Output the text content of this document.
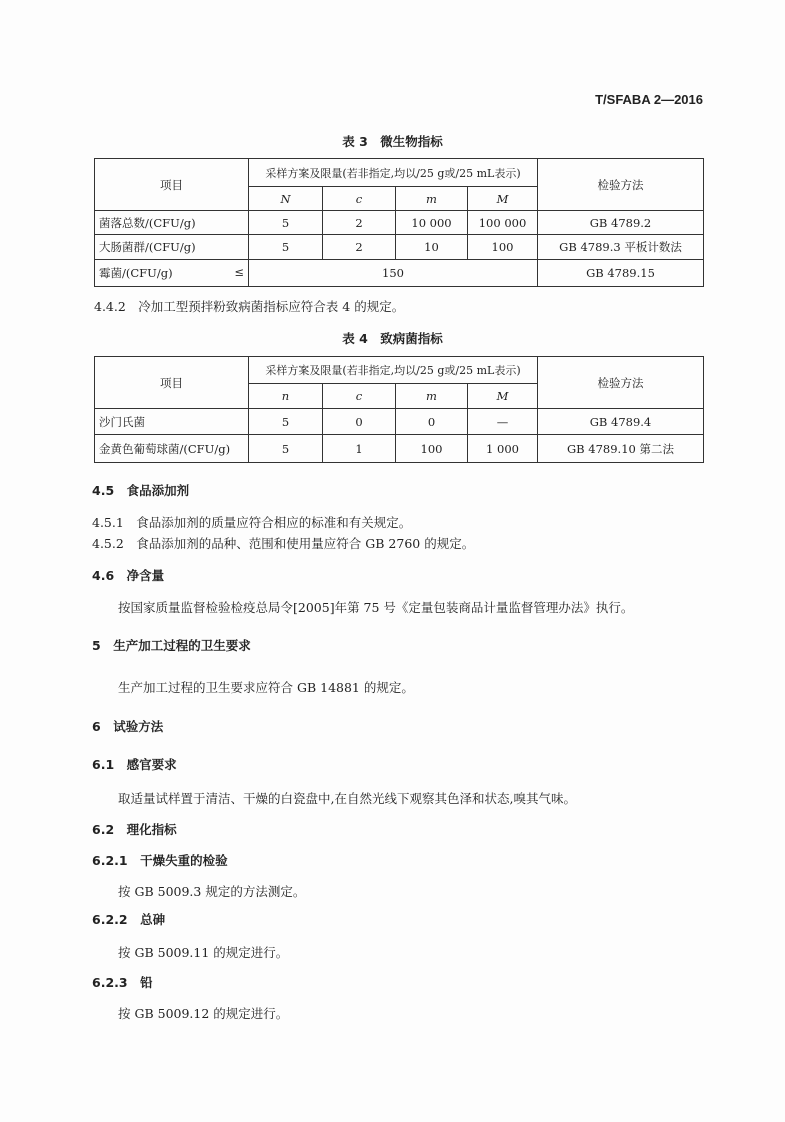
T/SFABA 2—2016
表 3　微生物指标
项目	采样方案及限量(若非指定,均以/25 g或/25 mL表示)				检验方法
	N	c	m	M	
菌落总数/(CFU/g)	5	2	10 000	100 000	GB 4789.2
大肠菌群/(CFU/g)	5	2	10	100	GB 4789.3 平板计数法
霉菌/(CFU/g) ≤	150				GB 4789.15
4.4.2　冷加工型预拌粉致病菌指标应符合表 4 的规定。
表 4　致病菌指标
项目	采样方案及限量(若非指定,均以/25 g或/25 mL表示)				检验方法
	n	c	m	M	
沙门氏菌	5	0	0	—	GB 4789.4
金黄色葡萄球菌/(CFU/g)	5	1	100	1 000	GB 4789.10 第二法
4.5　食品添加剂
4.5.1　食品添加剂的质量应符合相应的标准和有关规定。
4.5.2　食品添加剂的品种、范围和使用量应符合 GB 2760 的规定。
4.6　净含量
按国家质量监督检验检疫总局令[2005]年第 75 号《定量包装商品计量监督管理办法》执行。
5　生产加工过程的卫生要求
生产加工过程的卫生要求应符合 GB 14881 的规定。
6　试验方法
6.1　感官要求
取适量试样置于清洁、干燥的白瓷盘中,在自然光线下观察其色泽和状态,嗅其气味。
6.2　理化指标
6.2.1　干燥失重的检验
按 GB 5009.3 规定的方法测定。
6.2.2　总砷
按 GB 5009.11 的规定进行。
6.2.3　铅
按 GB 5009.12 的规定进行。
